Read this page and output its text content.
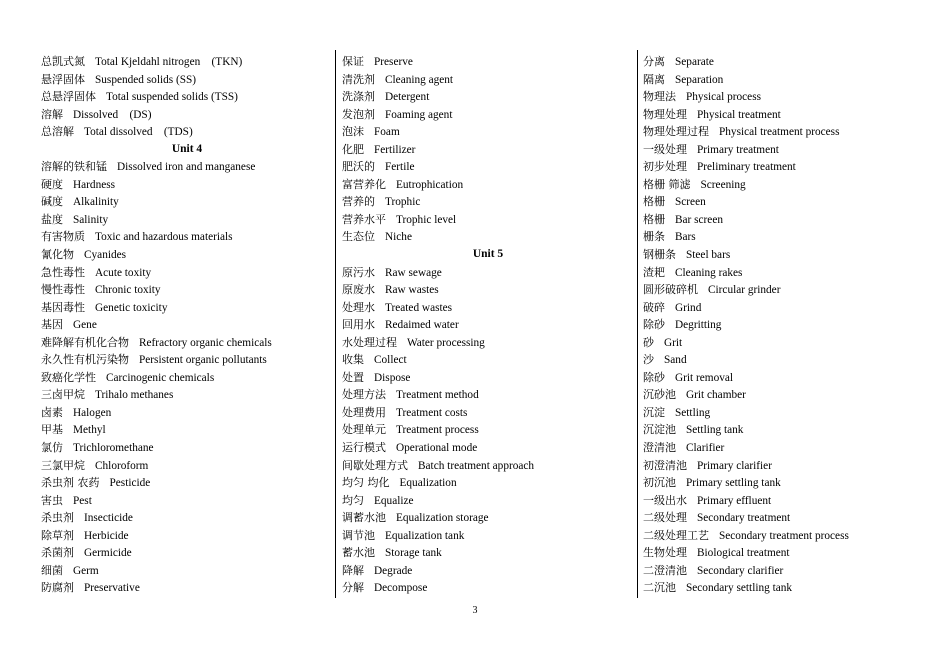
总凯式氮 Total Kjeldahl nitrogen　(TKN)
悬浮固体 Suspended solids (SS)
总悬浮固体 Total suspended solids (TSS)
溶解 Dissolved　(DS)
总溶解 Total dissolved　(TDS)
Unit 4
溶解的铁和锰 Dissolved iron and manganese
硬度 Hardness
碱度 Alkalinity
盐度 Salinity
有害物质 Toxic and hazardous materials
氰化物 Cyanides
急性毒性 Acute toxity
慢性毒性 Chronic toxity
基因毒性 Genetic toxicity
基因 Gene
难降解有机化合物 Refractory organic chemicals
永久性有机污染物 Persistent organic pollutants
致癌化学性 Carcinogenic chemicals
三卤甲烷 Trihalo methanes
卤素 Halogen
甲基 Methyl
氯仿 Trichloromethane
三氯甲烷 Chloroform
杀虫剂 农药 Pesticide
害虫 Pest
杀虫剂 Insecticide
除草剂 Herbicide
杀菌剂 Germicide
细菌 Germ
防腐剂 Preservative
保证 Preserve
清洗剂 Cleaning agent
洗涤剂 Detergent
发泡剂 Foaming agent
泡沫 Foam
化肥 Fertilizer
肥沃的 Fertile
富营养化 Eutrophication
营养的 Trophic
营养水平 Trophic level
生态位 Niche
Unit 5
原污水 Raw sewage
原废水 Raw wastes
处理水 Treated wastes
回用水 Redaimed water
水处理过程 Water processing
收集 Collect
处置 Dispose
处理方法 Treatment method
处理费用 Treatment costs
处理单元 Treatment process
运行模式 Operational mode
间歇处理方式 Batch treatment approach
均匀 均化 Equalization
均匀 Equalize
调蓄水池 Equalization storage
调节池 Equalization tank
蓄水池 Storage tank
降解 Degrade
分解 Decompose
分离 Separate
隔离 Separation
物理法 Physical process
物理处理 Physical treatment
物理处理过程 Physical treatment process
一级处理 Primary treatment
初步处理 Preliminary treatment
格栅 筛滤 Screening
格栅 Screen
格栅 Bar screen
栅条 Bars
钢栅条 Steel bars
渣耙 Cleaning rakes
圆形破碎机 Circular grinder
破碎 Grind
除砂 Degritting
砂 Grit
沙 Sand
除砂 Grit removal
沉砂池 Grit chamber
沉淀 Settling
沉淀池 Settling tank
澄清池 Clarifier
初澄清池 Primary clarifier
初沉池 Primary settling tank
一级出水 Primary effluent
二级处理 Secondary treatment
二级处理工艺 Secondary treatment process
生物处理 Biological treatment
二澄清池 Secondary clarifier
二沉池 Secondary settling tank
3
